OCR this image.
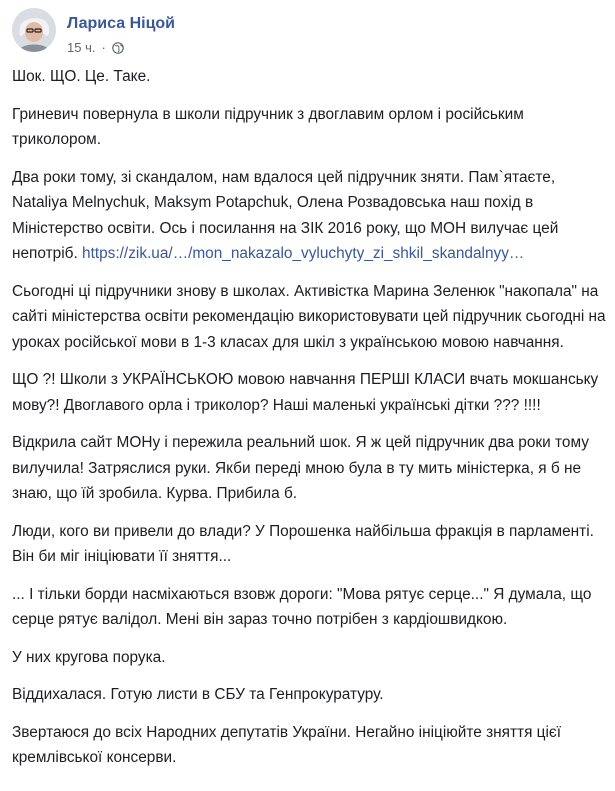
Лариса Ніцой
15 ч. ·

Шок. ЩО. Це. Таке.

Гриневич повернула в школи підручник з двоглавим орлом і російським триколором.

Два роки тому, зі скандалом, нам вдалося цей підручник зняти. Пам`ятаєте, Nataliya Melnychuk, Maksym Potapchuk, Олена Розвадовська наш похід в Міністерство освіти. Ось і посилання на ЗІК 2016 року, що МОН вилучає цей непотріб. https://zik.ua/…/mon_nakazalo_vyluchyty_zi_shkil_skandalnyy…

Сьогодні ці підручники знову в школах. Активістка Марина Зеленюк "накопала" на сайті міністерства освіти рекомендацію використовувати цей підручник сьогодні на уроках російської мови в 1-3 класах для шкіл з українською мовою навчання.

ЩО ?! Школи з УКРАЇНСЬКОЮ мовою навчання ПЕРШІ КЛАСИ вчать мокшанську мову?! Двоглавого орла і триколор? Наші маленькі українські дітки ??? !!!!

Відкрила сайт МОНу і пережила реальний шок. Я ж цей підручник два роки тому вилучила! Затряслися руки. Якби переді мною була в ту мить міністерка, я б не знаю, що їй зробила. Курва. Прибила б.

Люди, кого ви привели до влади? У Порошенка найбільша фракція в парламенті. Він би міг ініціювати її зняття...

... І тільки борди насміхаються взовж дороги: "Мова рятує серце..." Я думала, що серце рятує валідол. Мені він зараз точно потрібен з кардіошвидкою.

У них кругова порука.

Віддихалася. Готую листи в СБУ та Генпрокуратуру.

Звертаюся до всіх Народних депутатів України. Негайно ініціюйте зняття цієї кремлівської консерви.
